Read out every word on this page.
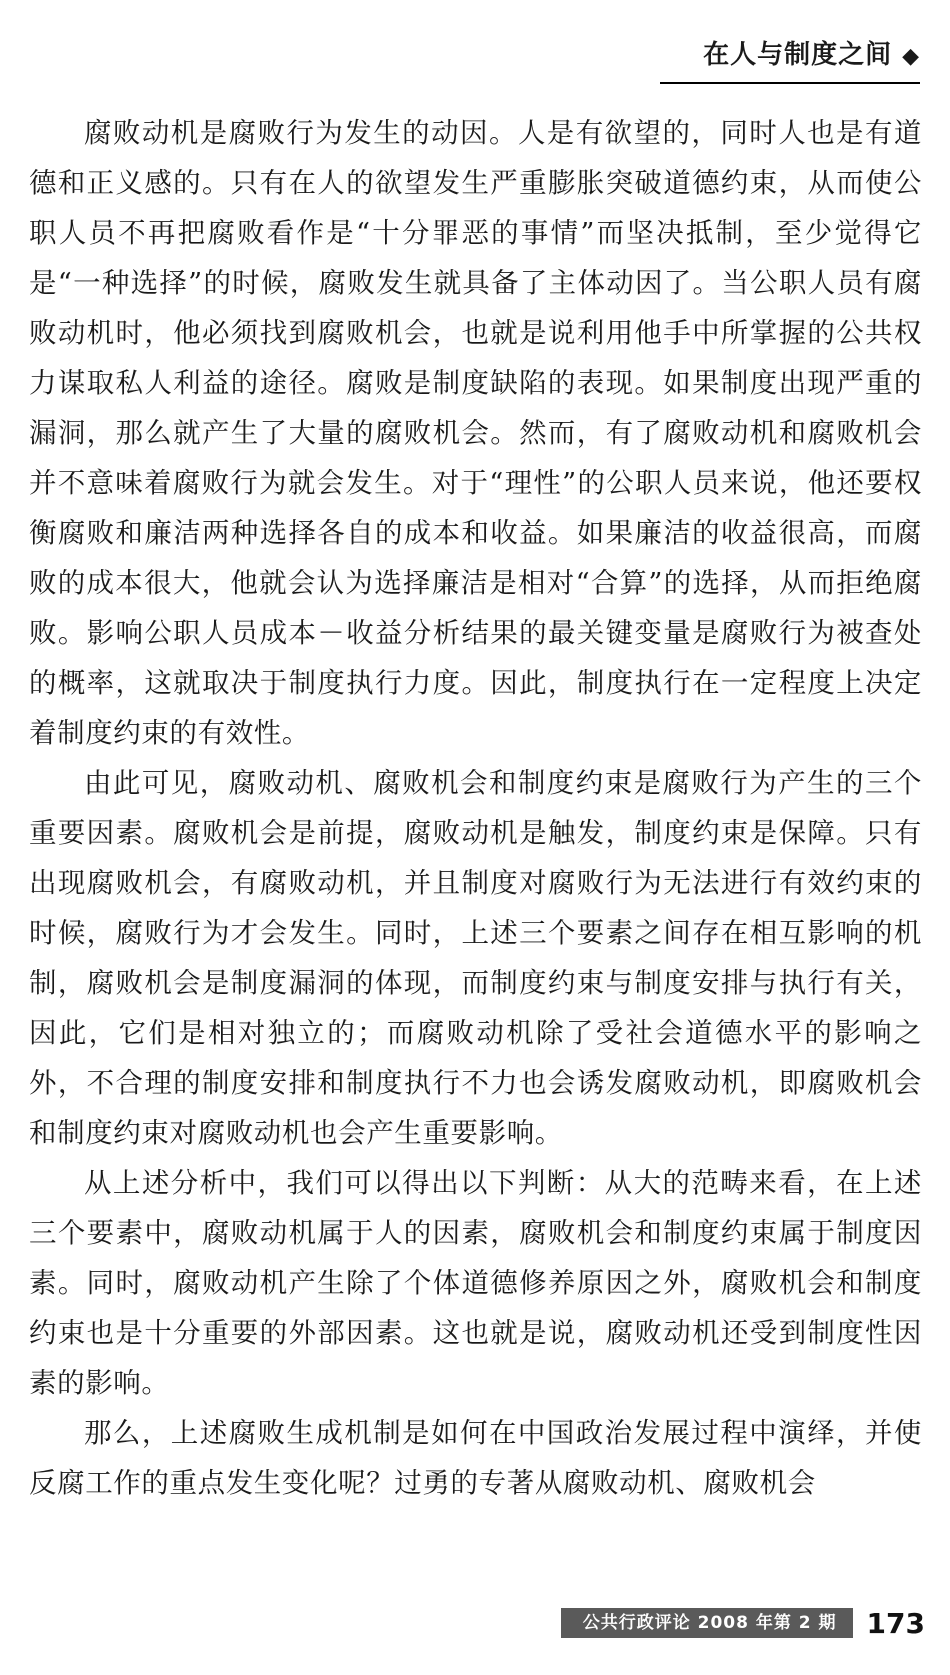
在人与制度之间 ◆

腐败动机是腐败行为发生的动因。人是有欲望的，同时人也是有道德和正义感的。只有在人的欲望发生严重膨胀突破道德约束，从而使公职人员不再把腐败看作是“十分罪恶的事情”而坚决抵制，至少觉得它是“一种选择”的时候，腐败发生就具备了主体动因了。当公职人员有腐败动机时，他必须找到腐败机会，也就是说利用他手中所掌握的公共权力谋取私人利益的途径。腐败是制度缺陷的表现。如果制度出现严重的漏洞，那么就产生了大量的腐败机会。然而，有了腐败动机和腐败机会并不意味着腐败行为就会发生。对于“理性”的公职人员来说，他还要权衡腐败和廉洁两种选择各自的成本和收益。如果廉洁的收益很高，而腐败的成本很大，他就会认为选择廉洁是相对“合算”的选择，从而拒绝腐败。影响公职人员成本－收益分析结果的最关键变量是腐败行为被查处的概率，这就取决于制度执行力度。因此，制度执行在一定程度上决定着制度约束的有效性。

由此可见，腐败动机、腐败机会和制度约束是腐败行为产生的三个重要因素。腐败机会是前提，腐败动机是触发，制度约束是保障。只有出现腐败机会，有腐败动机，并且制度对腐败行为无法进行有效约束的时候，腐败行为才会发生。同时，上述三个要素之间存在相互影响的机制，腐败机会是制度漏洞的体现，而制度约束与制度安排与执行有关，因此，它们是相对独立的；而腐败动机除了受社会道德水平的影响之外，不合理的制度安排和制度执行不力也会诱发腐败动机，即腐败机会和制度约束对腐败动机也会产生重要影响。

从上述分析中，我们可以得出以下判断：从大的范畴来看，在上述三个要素中，腐败动机属于人的因素，腐败机会和制度约束属于制度因素。同时，腐败动机产生除了个体道德修养原因之外，腐败机会和制度约束也是十分重要的外部因素。这也就是说，腐败动机还受到制度性因素的影响。

那么，上述腐败生成机制是如何在中国政治发展过程中演绎，并使反腐工作的重点发生变化呢？过勇的专著从腐败动机、腐败机会

公共行政评论 2008 年第 2 期	173
